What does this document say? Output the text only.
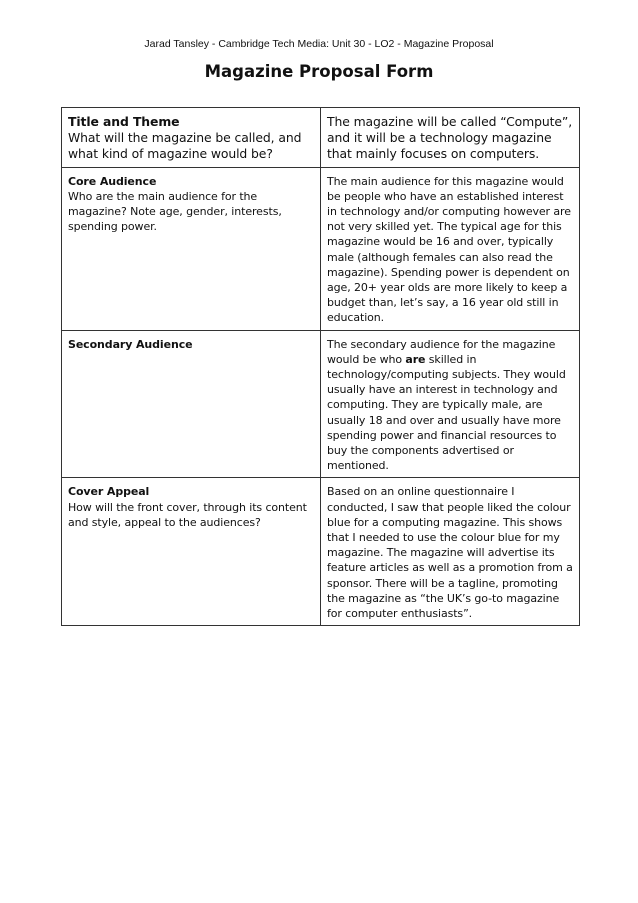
Jarad Tansley - Cambridge Tech Media: Unit 30 - LO2 - Magazine Proposal
Magazine Proposal Form
Title and Theme
What will the magazine be called, and what kind of magazine would be?	The magazine will be called “Compute”, and it will be a technology magazine that mainly focuses on computers.

Core Audience
Who are the main audience for the magazine? Note age, gender, interests, spending power.	The main audience for this magazine would be people who have an established interest in technology and/or computing however are not very skilled yet. The typical age for this magazine would be 16 and over, typically male (although females can also read the magazine). Spending power is dependent on age, 20+ year olds are more likely to keep a budget than, let’s say, a 16 year old still in education.

Secondary Audience	The secondary audience for the magazine would be who are skilled in technology/computing subjects. They would usually have an interest in technology and computing. They are typically male, are usually 18 and over and usually have more spending power and financial resources to buy the components advertised or mentioned.

Cover Appeal
How will the front cover, through its content and style, appeal to the audiences?	Based on an online questionnaire I conducted, I saw that people liked the colour blue for a computing magazine. This shows that I needed to use the colour blue for my magazine. The magazine will advertise its feature articles as well as a promotion from a sponsor. There will be a tagline, promoting the magazine as “the UK’s go-to magazine for computer enthusiasts”.
